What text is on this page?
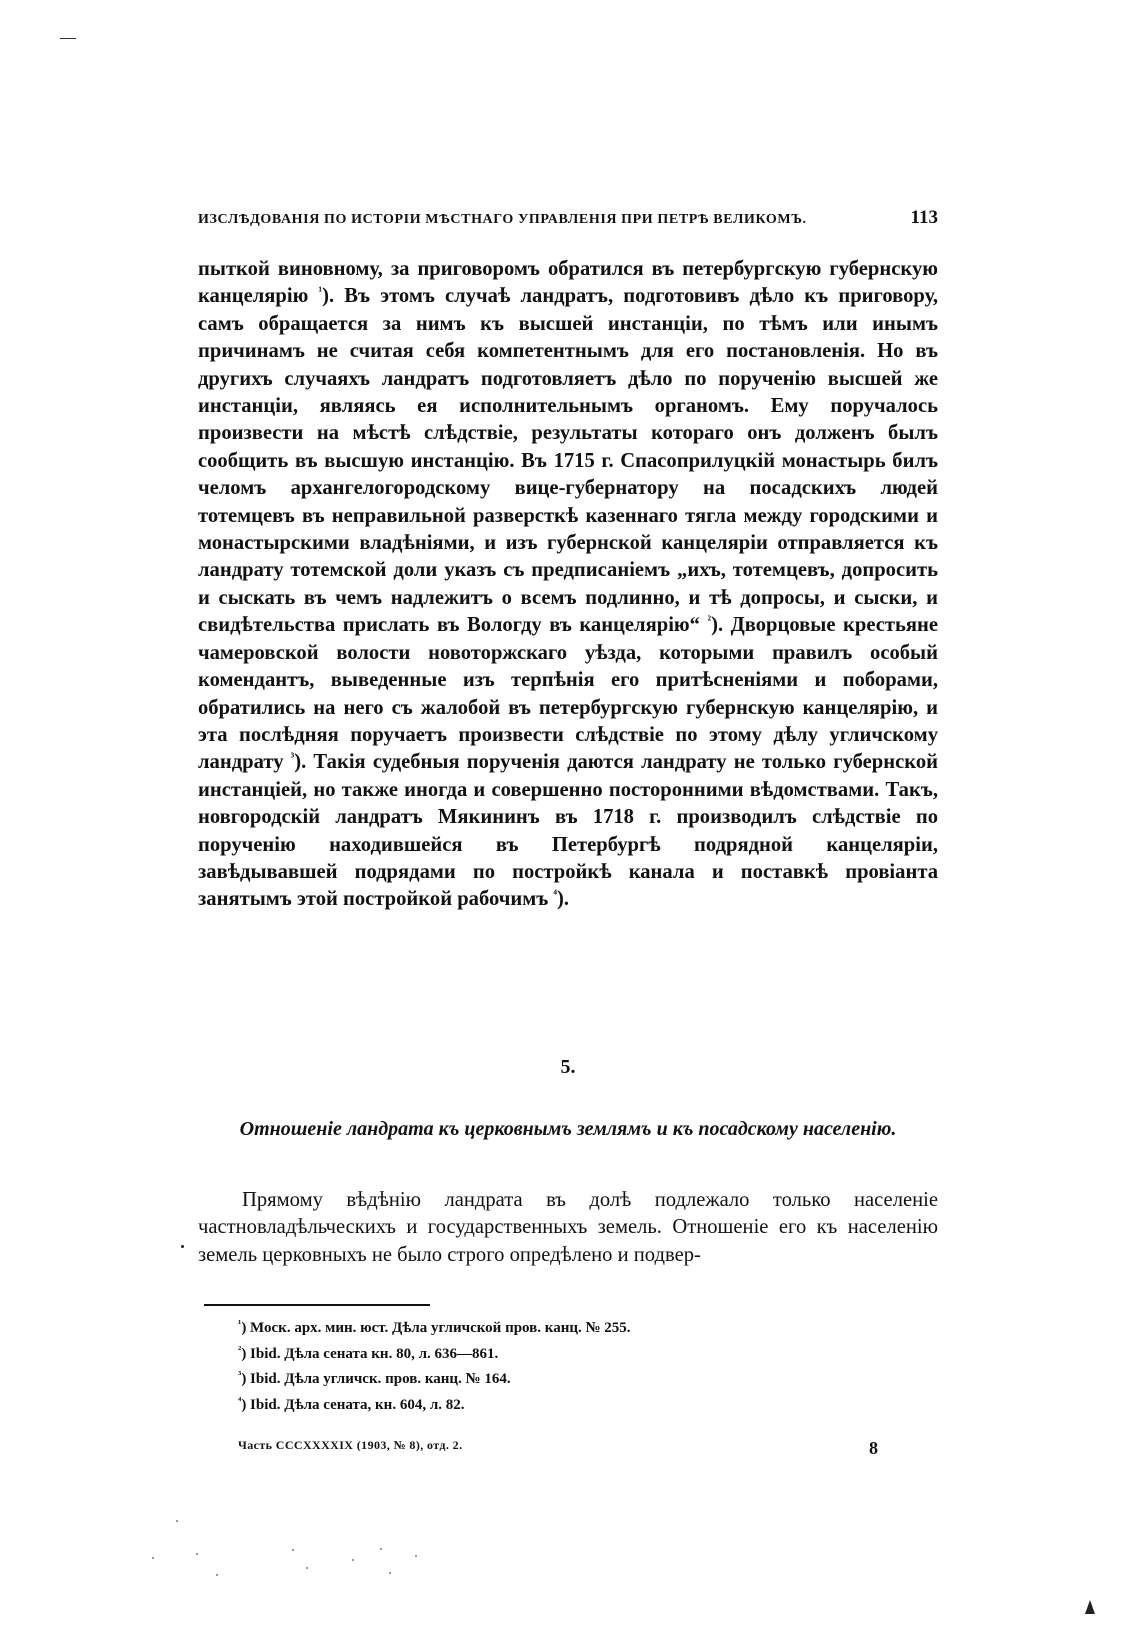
ИЗСЛѢДОВАНІЯ ПО ИСТОРІИ МѢСТНАГО УПРАВЛЕНІЯ ПРИ ПЕТРѢ ВЕЛИКОМЪ.	113

пыткой виновному, за приговоромъ обратился въ петербургскую губернскую канцелярію $^{^1}$). Въ этомъ случаѣ ландратъ, подготовивъ дѣло къ приговору, самъ обращается за нимъ къ высшей инстанціи, по тѣмъ или инымъ причинамъ не считая себя компетентнымъ для его постановленія. Но въ другихъ случаяхъ ландратъ подготовляетъ дѣло по порученію высшей же инстанціи, являясь ея исполнительнымъ органомъ. Ему поручалось произвести на мѣстѣ слѣдствіе, результаты котораго онъ долженъ былъ сообщить въ высшую инстанцію. Въ 1715 г. Спасоприлуцкій монастырь билъ челомъ архангелогородскому вице-губернатору на посадскихъ людей тотемцевъ въ неправильной разверсткѣ казеннаго тягла между городскими и монастырскими владѣніями, и изъ губернской канцеляріи отправляется къ ландрату тотемской доли указъ съ предписаніемъ „ихъ, тотемцевъ, допросить и сыскать въ чемъ надлежитъ о всемъ подлинно, и тѣ допросы, и сыски, и свидѣтельства прислать въ Вологду въ канцелярію“ $^{^2}$). Дворцовые крестьяне чамеровской волости новоторжскаго уѣзда, которыми правилъ особый комендантъ, выведенные изъ терпѣнія его притѣсненіями и поборами, обратились на него съ жалобой въ петербургскую губернскую канцелярію, и эта послѣдняя поручаетъ произвести слѣдствіе по этому дѣлу угличскому ландрату $^{^3}$). Такія судебныя порученія даются ландрату не только губернской инстанціей, но также иногда и совершенно посторонними вѣдомствами. Такъ, новгородскій ландратъ Мякининъ въ 1718 г. производилъ слѣдствіе по порученію находившейся въ Петербургѣ подрядной канцеляріи, завѣдывавшей подрядами по постройкѣ канала и поставкѣ провіанта занятымъ этой постройкой рабочимъ $^{^4}$).

5.

Отношеніе ландрата къ церковнымъ землямъ и къ посадскому населенію.

Прямому вѣдѣнію ландрата въ долѣ подлежало только населеніе частновладѣльческихъ и государственныхъ земель. Отношеніе его къ населенію земель церковныхъ не было строго опредѣлено и подвер-

$^{^1}$) Моск. арх. мин. юст. Дѣла угличской пров. канц. № 255.
$^{^2}$) Ibid. Дѣла сената кн. 80, л. 636—861.
$^{^3}$) Ibid. Дѣла угличск. пров. канц. № 164.
$^{^4}$) Ibid. Дѣла сената, кн. 604, л. 82.
Часть CCCXXXXIX (1903, № 8), отд. 2.	8
